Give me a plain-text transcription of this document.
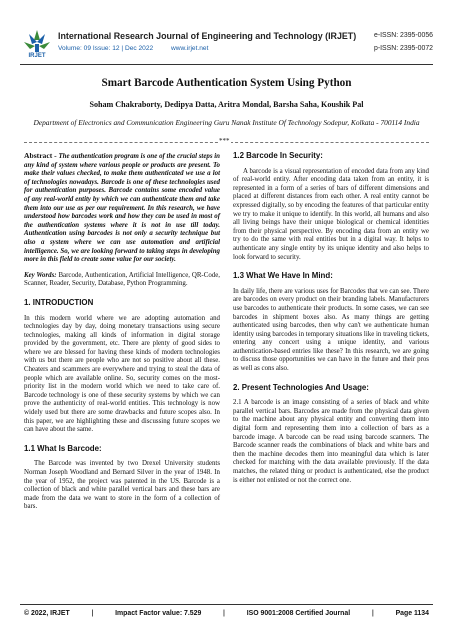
IRJET
International Research Journal of Engineering and Technology (IRJET)
Volume: 09 Issue: 12 | Dec 2022	www.irjet.net
e-ISSN: 2395-0056
p-ISSN: 2395-0072
Smart Barcode Authentication System Using Python
Soham Chakraborty, Dedipya Datta, Aritra Mondal, Barsha Saha, Koushik Pal
Department of Electronics and Communication Engineering Guru Nanak Institute Of Technology Sodepur, Kolkata - 700114 India
***

Abstract - The authentication program is one of the crucial steps in any kind of system where various people or products are present. To make their values checked, to make them authenticated we use a lot of technologies nowadays. Barcode is one of these technologies used for authentication purposes. Barcode contains some encoded value of any real-world entity by which we can authenticate them and take them into our use as per our requirement. In this research, we have understood how barcodes work and how they can be used in most of the authentication systems where it is not in use till today. Authentication using barcodes is not only a security technique but also a system where we can use automation and artificial intelligence. So, we are looking forward to taking steps in developing more in this field to create some value for our society.

Key Words: Barcode, Authentication, Artificial Intelligence, QR-Code, Scanner, Reader, Security, Database, Python Programming.

1. INTRODUCTION

In this modern world where we are adopting automation and technologies day by day, doing monetary transactions using secure technologies, making all kinds of information in digital storage provided by the government, etc. There are plenty of good sides to where we are blessed for having these kinds of modern technologies with us but there are people who are not so positive about all these. Cheaters and scammers are everywhere and trying to steal the data of people which are available online. So, security comes on the most-priority list in the modern world which we need to take care of. Barcode technology is one of these security systems by which we can prove the authenticity of real-world entities. This technology is now widely used but there are some drawbacks and future scopes also. In this paper, we are highlighting these and discussing future scopes we can have about the same.

1.1 What Is Barcode:

The Barcode was invented by two Drexel University students Norman Joseph Woodland and Bernard Silver in the year of 1948. In the year of 1952, the project was patented in the US. Barcode is a collection of black and white parallel vertical bars and these bars are made from the data we want to store in the form of a collection of bars.

1.2 Barcode In Security:

A barcode is a visual representation of encoded data from any kind of real-world entity. After encoding data taken from an entity, it is represented in a form of a series of bars of different dimensions and placed at different distances from each other. A real entity cannot be expressed digitally, so by encoding the features of that particular entity we try to make it unique to identify. In this world, all humans and also all living beings have their unique biological or chemical identities from their physical perspective. By encoding data from an entity we try to do the same with real entities but in a digital way. It helps to authenticate any single entity by its unique identity and also helps to look forward to security.

1.3 What We Have In Mind:

In daily life, there are various uses for Barcodes that we can see. There are barcodes on every product on their branding labels. Manufacturers use barcodes to authenticate their products. In some cases, we can see barcodes in shipment boxes also. As many things are getting authenticated using barcodes, then why can't we authenticate human identity using barcodes in temporary situations like in traveling tickets, entering any concert using a unique identity, and various authentication-based entries like these? In this research, we are going to discuss those opportunities we can have in the future and their pros as well as cons also.

2. Present Technologies And Usage:

2.1 A barcode is an image consisting of a series of black and white parallel vertical bars. Barcodes are made from the physical data given to the machine about any physical entity and converting them into digital form and representing them into a collection of bars as a barcode image. A barcode can be read using barcode scanners. The Barcode scanner reads the combinations of black and white bars and then the machine decodes them into meaningful data which is later checked for matching with the data available previously. If the data matches, the related thing or product is authenticated, else the product is either not enlisted or not the correct one.

© 2022, IRJET	|	Impact Factor value: 7.529	|	ISO 9001:2008 Certified Journal	|	Page 1134
